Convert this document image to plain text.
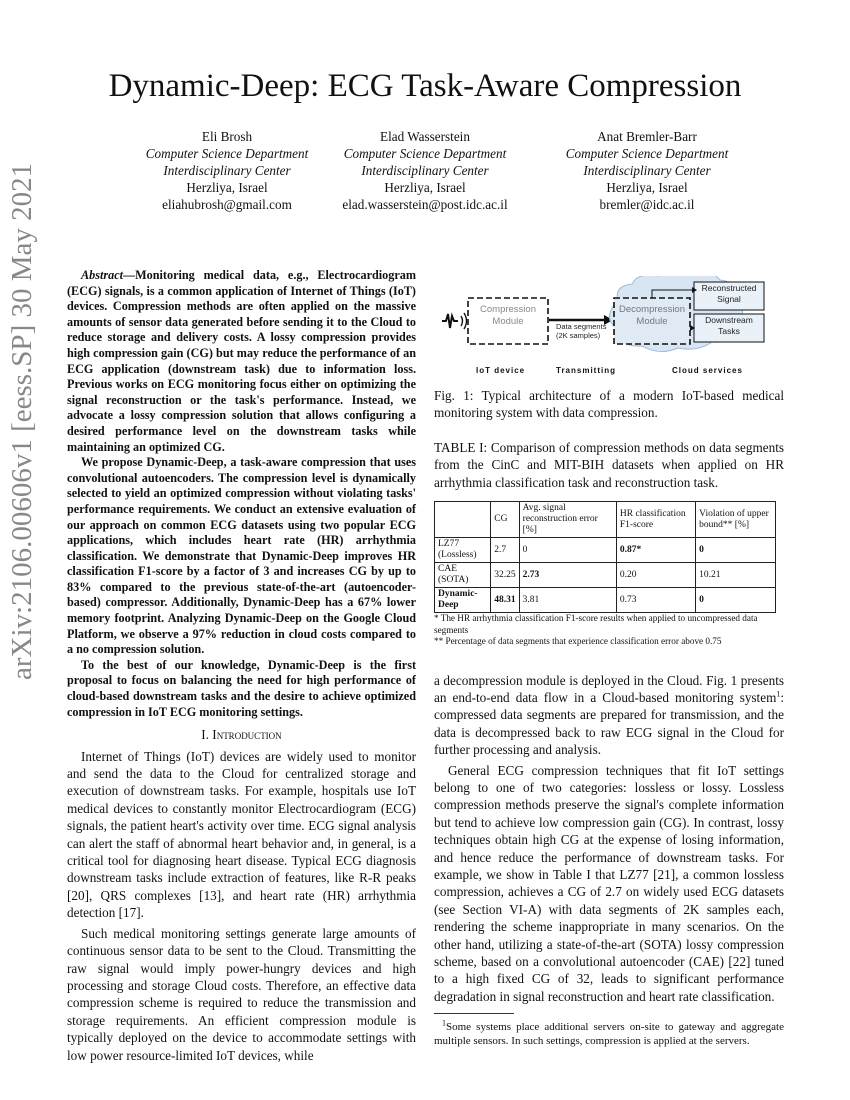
arXiv:2106.00606v1 [eess.SP] 30 May 2021
Dynamic-Deep: ECG Task-Aware Compression
Eli Brosh
Computer Science Department
Interdisciplinary Center
Herzliya, Israel
eliahubrosh@gmail.com
Elad Wasserstein
Computer Science Department
Interdisciplinary Center
Herzliya, Israel
elad.wasserstein@post.idc.ac.il
Anat Bremler-Barr
Computer Science Department
Interdisciplinary Center
Herzliya, Israel
bremler@idc.ac.il

Abstract—Monitoring medical data, e.g., Electrocardiogram (ECG) signals, is a common application of Internet of Things (IoT) devices. Compression methods are often applied on the massive amounts of sensor data generated before sending it to the Cloud to reduce storage and delivery costs. A lossy compression provides high compression gain (CG) but may reduce the performance of an ECG application (downstream task) due to information loss. Previous works on ECG monitoring focus either on optimizing the signal reconstruction or the task's performance. Instead, we advocate a lossy compression solution that allows configuring a desired performance level on the downstream tasks while maintaining an optimized CG.

We propose Dynamic-Deep, a task-aware compression that uses convolutional autoencoders. The compression level is dynamically selected to yield an optimized compression without violating tasks' performance requirements. We conduct an extensive evaluation of our approach on common ECG datasets using two popular ECG applications, which includes heart rate (HR) arrhythmia classification. We demonstrate that Dynamic-Deep improves HR classification F1-score by a factor of 3 and increases CG by up to 83% compared to the previous state-of-the-art (autoencoder-based) compressor. Additionally, Dynamic-Deep has a 67% lower memory footprint. Analyzing Dynamic-Deep on the Google Cloud Platform, we observe a 97% reduction in cloud costs compared to a no compression solution.

To the best of our knowledge, Dynamic-Deep is the first proposal to focus on balancing the need for high performance of cloud-based downstream tasks and the desire to achieve optimized compression in IoT ECG monitoring settings.

I. Introduction

Internet of Things (IoT) devices are widely used to monitor and send the data to the Cloud for centralized storage and execution of downstream tasks. For example, hospitals use IoT medical devices to constantly monitor Electrocardiogram (ECG) signals, the patient heart's activity over time. ECG signal analysis can alert the staff of abnormal heart behavior and, in general, is a critical tool for diagnosing heart disease. Typical ECG diagnosis downstream tasks include extraction of features, like R-R peaks [20], QRS complexes [13], and heart rate (HR) arrhythmia detection [17].

Such medical monitoring settings generate large amounts of continuous sensor data to be sent to the Cloud. Transmitting the raw signal would imply power-hungry devices and high processing and storage Cloud costs. Therefore, an effective data compression scheme is required to reduce the transmission and storage requirements. An efficient compression module is typically deployed on the device to accommodate settings with low power resource-limited IoT devices, while

Compression Module	Data segments
(2K samples)
Decompression Module
Reconstructed Signal
Downstream Tasks
IoT device	Transmitting	Cloud services
Fig. 1: Typical architecture of a modern IoT-based medical monitoring system with data compression.
TABLE I: Comparison of compression methods on data segments from the CinC and MIT-BIH datasets when applied on HR arrhythmia classification task and reconstruction task.
	CG	Avg. signal reconstruction error [%]	HR classification F1-score	Violation of upper bound** [%]
LZ77 (Lossless)	2.7	0	0.87*	0
CAE (SOTA)	32.25	2.73	0.20	10.21
Dynamic-Deep	48.31	3.81	0.73	0
* The HR arrhythmia classification F1-score results when applied to uncompressed data segments
** Percentage of data segments that experience classification error above 0.75

a decompression module is deployed in the Cloud. Fig. 1 presents an end-to-end data flow in a Cloud-based monitoring system$^1$: compressed data segments are prepared for transmission, and the data is decompressed back to raw ECG signal in the Cloud for further processing and analysis.

General ECG compression techniques that fit IoT settings belong to one of two categories: lossless or lossy. Lossless compression methods preserve the signal's complete information but tend to achieve low compression gain (CG). In contrast, lossy techniques obtain high CG at the expense of losing information, and hence reduce the performance of downstream tasks. For example, we show in Table I that LZ77 [21], a common lossless compression, achieves a CG of 2.7 on widely used ECG datasets (see Section VI-A) with data segments of 2K samples each, rendering the scheme inappropriate in many scenarios. On the other hand, utilizing a state-of-the-art (SOTA) lossy compression scheme, based on a convolutional autoencoder (CAE) [22] tuned to a high fixed CG of 32, leads to significant performance degradation in signal reconstruction and heart rate classification.

$^1$Some systems place additional servers on-site to gateway and aggregate multiple sensors. In such settings, compression is applied at the servers.
